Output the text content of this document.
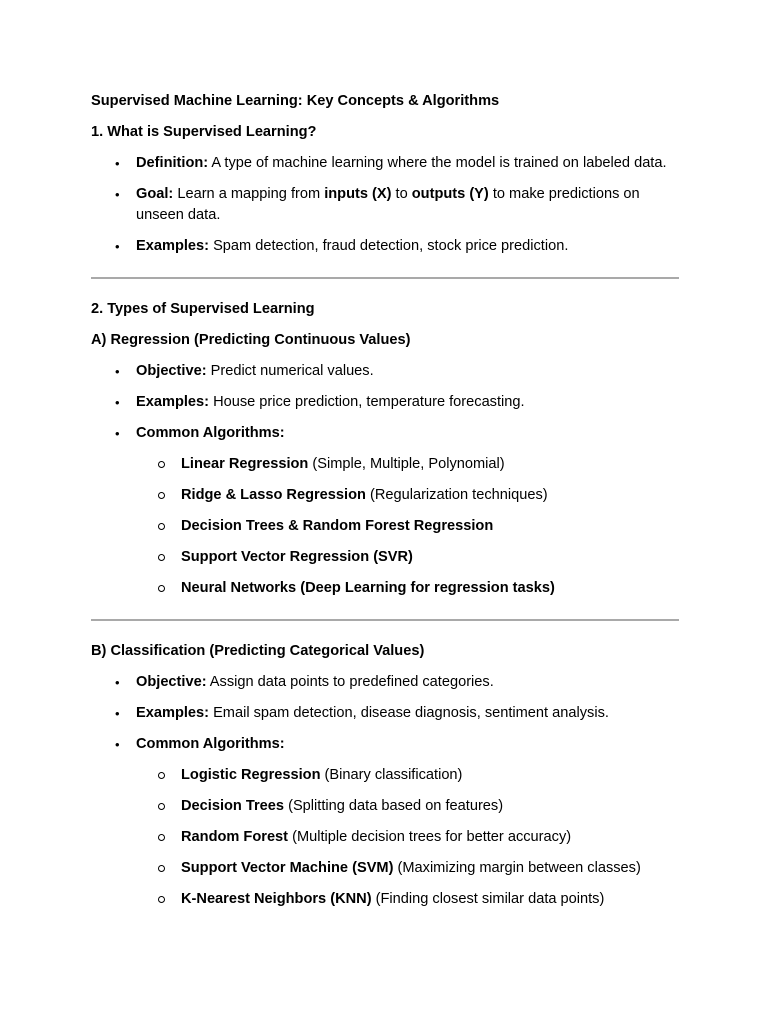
Supervised Machine Learning: Key Concepts & Algorithms

1. What is Supervised Learning?

• Definition: A type of machine learning where the model is trained on labeled data.
• Goal: Learn a mapping from inputs (X) to outputs (Y) to make predictions on unseen data.
• Examples: Spam detection, fraud detection, stock price prediction.

2. Types of Supervised Learning

A) Regression (Predicting Continuous Values)

• Objective: Predict numerical values.
• Examples: House price prediction, temperature forecasting.
• Common Algorithms:
Linear Regression (Simple, Multiple, Polynomial)
Ridge & Lasso Regression (Regularization techniques)
Decision Trees & Random Forest Regression
Support Vector Regression (SVR)
Neural Networks (Deep Learning for regression tasks)

B) Classification (Predicting Categorical Values)

• Objective: Assign data points to predefined categories.
• Examples: Email spam detection, disease diagnosis, sentiment analysis.
• Common Algorithms:
Logistic Regression (Binary classification)
Decision Trees (Splitting data based on features)
Random Forest (Multiple decision trees for better accuracy)
Support Vector Machine (SVM) (Maximizing margin between classes)
K-Nearest Neighbors (KNN) (Finding closest similar data points)
